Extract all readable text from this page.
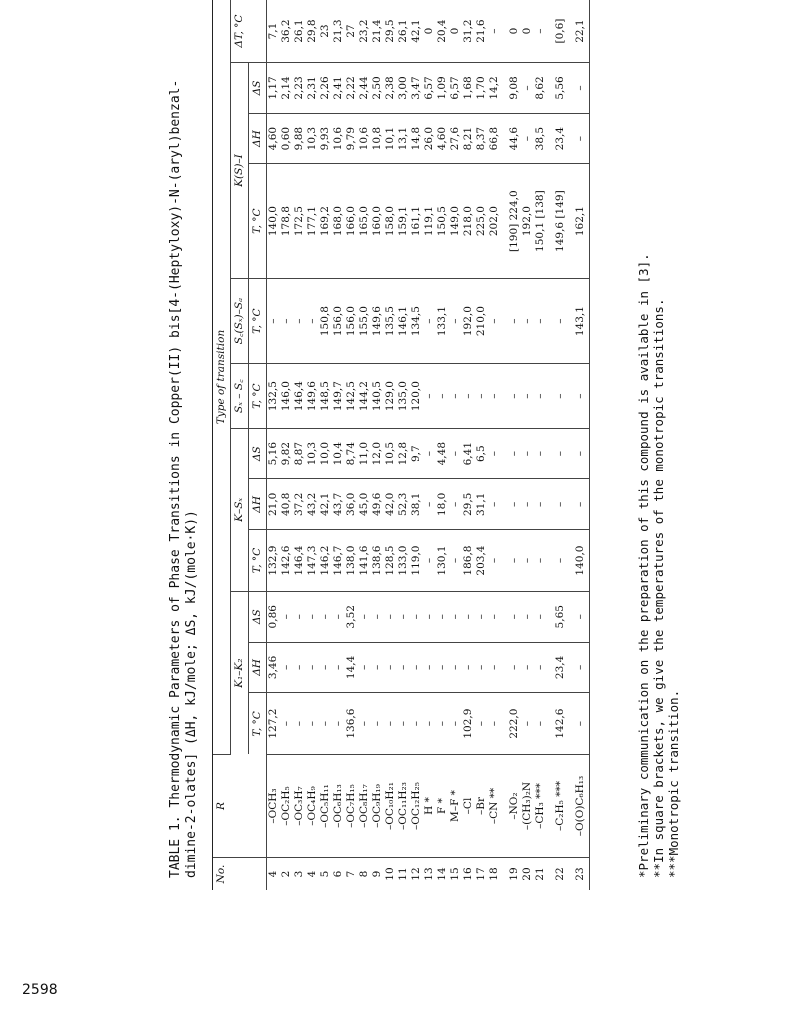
TABLE 1. Thermodynamic Parameters of Phase Transitions in Copper(II) bis[4-(Heptyloxy)-N-(aryl)benzal- dimine-2-olates] (ΔH, kJ/mole; ΔS, kJ/(mole·K)) No.	R	Type of transition											
		K₁–K₂			K–Sₓ			Sₓ – S꜀	S꜀(Sₓ)–Sₐ	K(S)–I			ΔT, °C
		T, °C	ΔH	ΔS	T, °C	ΔH	ΔS	T, °C	T, °C	T, °C	ΔH	ΔS	
4	–OCH₃	127,2	3,46	0,86	132,9	21,0	5,16	132,5	–	140,0	4,60	1,17	7,1
2	–OC₂H₅	–	–	–	142,6	40,8	9,82	146,0	–	178,8	0,60	2,14	36,2
3	–OC₃H₇	–	–	–	146,4	37,2	8,87	146,4	–	172,5	9,88	2,23	26,1
4	–OC₄H₉	–	–	–	147,3	43,2	10,3	149,6	–	177,1	10,3	2,31	29,8
5	–OC₅H₁₁	–	–	–	146,2	42,1	10,0	148,5	150,8	169,2	9,93	2,26	23
6	–OC₆H₁₃	–	–	–	146,7	43,7	10,4	149,7	156,0	168,0	10,6	2,41	21,3
7	–OC₇H₁₅	136,6	14,4	3,52	138,0	36,0	8,74	142,5	156,0	166,0	9,79	2,22	27
8	–OC₈H₁₇	–	–	–	141,6	45,0	11,0	144,2	155,0	165,0	10,6	2,44	23,2
9	–OC₉H₁₉	–	–	–	138,6	49,6	12,0	140,5	149,6	160,0	10,8	2,50	21,4
10	–OC₁₀H₂₁	–	–	–	128,5	42,0	10,5	129,0	135,5	158,0	10,1	2,38	29,5
11	–OC₁₁H₂₃	–	–	–	133,0	52,3	12,8	135,0	146,1	159,1	13,1	3,00	26,1
12	–OC₁₂H₂₅	–	–	–	119,0	38,1	9,7	120,0	134,5	161,1	14,8	3,47	42,1
13	H *	–	–	–	–	–	–	–	–	119,1	26,0	6,57	0
14	F *	–	–	–	130,1	18,0	4,48	–	133,1	150,5	4,60	1,09	20,4
15	M–F *	–	–	–	–	–	–	–	–	149,0	27,6	6,57	0
16	–Cl	102,9	–	–	186,8	29,5	6,41	–	192,0	218,0	8,21	1,68	31,2
17	–Br	–	–	–	203,4	31,1	6,5	–	210,0	225,0	8,37	1,70	21,6
18	–CN **	–	–	–	–	–	–	–	–	202,0	66,8	14,2	–
19	–NO₂	222,0	–	–	–	–	–	–	–	[190] 224,0	44,6	9,08	0
20	–(CH₃)₂N	–	–	–	–	–	–	–	–	192,0	–	–	0
21	–CH₃ ***	–	–	–	–	–	–	–	–	150,1 [138]	38,5	8,62	–
22	–C₂H₅ ***	142,6	23,4	5,65	–	–	–	–	–	149,6 [149]	23,4	5,56	[0,6]
23	–O(O)C₆H₁₃	–	–	–	140,0	–	–	–	143,1	162,1	–	–	22,1
*Preliminary communication on the preparation of this compound is available in [3]. **In square brackets, we give the temperatures of the monotropic transitions. ***Monotropic transition.
2598
